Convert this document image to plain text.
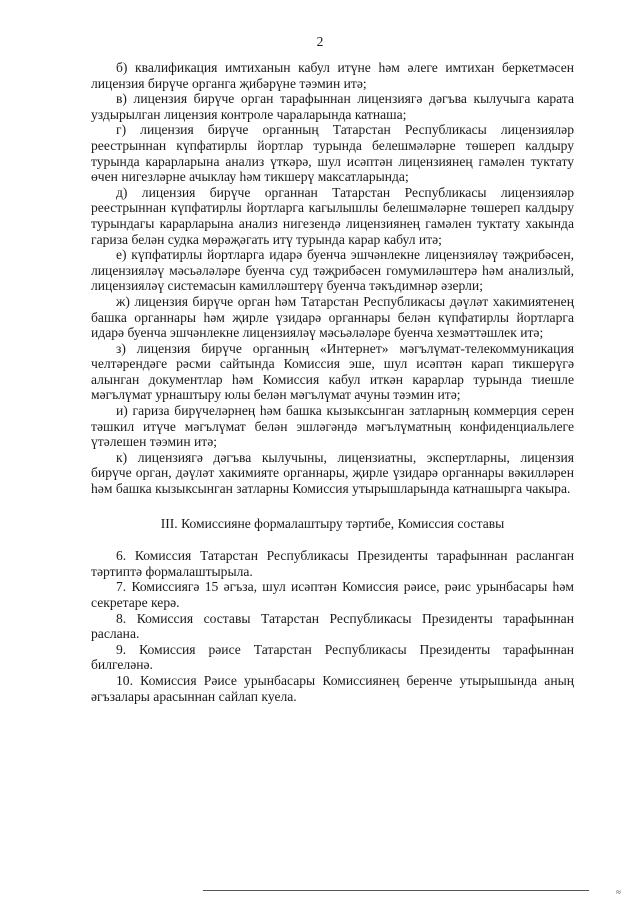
2

б) квалификация имтиханын кабул итүне һәм әлеге имтихан беркетмәсен лицензия бирүче органга җибәрүне тәэмин итә;

в) лицензия бирүче орган тарафыннан лицензиягә дәгъва кылучыга карата уздырылган лицензия контроле чараларында катнаша;

г) лицензия бирүче органның Татарстан Республикасы лицензияләр реестрыннан күпфатирлы йортлар турында белешмәләрне төшереп калдыру турында карарларына анализ үткәрә, шул исәптән лицензиянең гамәлен туктату өчен нигезләрне ачыклау һәм тикшерү максатларында;

д) лицензия бирүче органнан Татарстан Республикасы лицензияләр реестрыннан күпфатирлы йортларга кагылышлы белешмәләрне төшереп калдыру турындагы карарларына анализ нигезендә лицензиянең гамәлен туктату хакында гариза белән судка мөрәҗәгать итү турында карар кабул итә;

е) күпфатирлы йортларга идарә буенча эшчәнлекне лицензияләү тәҗрибәсен, лицензияләү мәсьәләләре буенча суд тәҗрибәсен гомумиләштерә һәм анализлый, лицензияләү системасын камилләштерү буенча тәкъдимнәр әзерли;

ж) лицензия бирүче орган һәм Татарстан Республикасы дәүләт хакимиятенең башка органнары һәм җирле үзидарә органнары белән күпфатирлы йортларга идарә буенча эшчәнлекне лицензияләү мәсьәләләре буенча хезмәттәшлек итә;

з) лицензия бирүче органның «Интернет» мәгълүмат-телекоммуникация челтәрендәге рәсми сайтында Комиссия эше, шул исәптән карап тикшерүгә алынган документлар һәм Комиссия кабул иткән карарлар турында тиешле мәгълүмат урнаштыру юлы белән мәгълүмат ачуны тәэмин итә;

и) гариза бирүчеләрнең һәм башка кызыксынган затларның коммерция серен тәшкил итүче мәгълүмат белән эшләгәндә мәгълүматның конфиденциальлеге үтәлешен тәэмин итә;

к) лицензиягә дәгъва кылучыны, лицензиатны, экспертларны, лицензия бирүче орган, дәүләт хакимияте органнары, җирле үзидарә органнары вәкилләрен һәм башка кызыксынган затларны Комиссия утырышларында катнашырга чакыра.

III. Комиссияне формалаштыру тәртибе, Комиссия составы

6. Комиссия Татарстан Республикасы Президенты тарафыннан расланган тәртиптә формалаштырыла.

7. Комиссиягә 15 әгъза, шул исәптән Комиссия рәисе, рәис урынбасары һәм секретаре керә.

8. Комиссия составы Татарстан Республикасы Президенты тарафыннан раслана.

9. Комиссия рәисе Татарстан Республикасы Президенты тарафыннан билгеләнә.

10. Комиссия Рәисе урынбасары Комиссиянең беренче утырышында аның әгъзалары арасыннан сайлап куела.

≈
